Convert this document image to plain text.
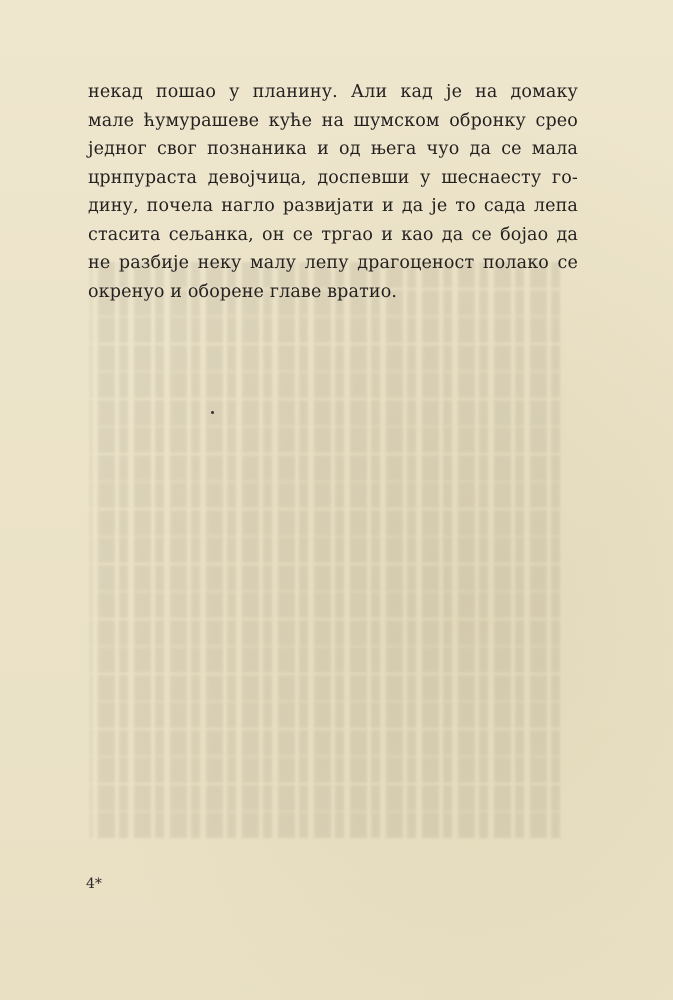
некад пошао у планину. Али кад је на домаку
мале ћумурашеве куће на шумском обронку срео
једног свог познаника и од њега чуо да се мала
црнпураста девојчица, доспевши у шеснаесту го-
дину, почела нагло развијати и да је то сада лепа
стасита сељанка, он се тргао и као да се бојао да
не разбије неку малу лепу драгоценост полако се
окренуо и оборене главе вратио.
4*
